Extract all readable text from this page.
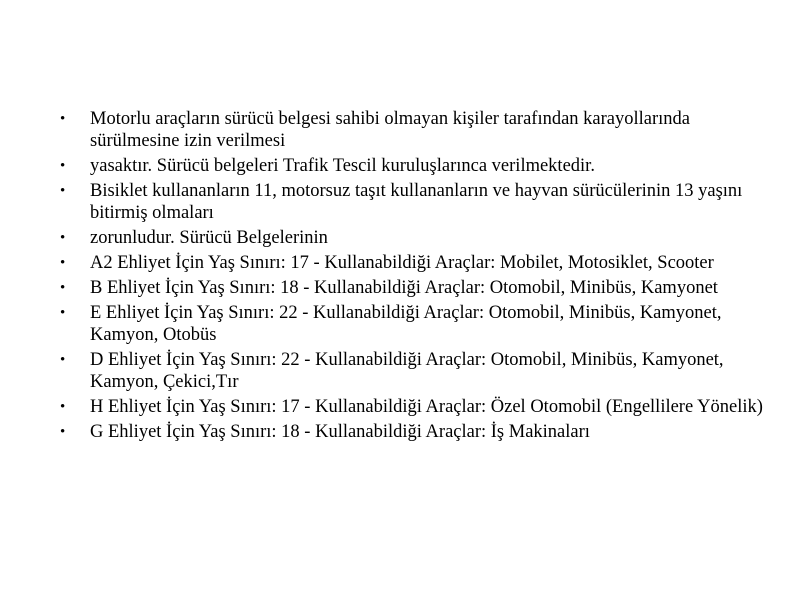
• Motorlu araçların sürücü belgesi sahibi olmayan kişiler tarafından karayollarında sürülmesine izin verilmesi
• yasaktır. Sürücü belgeleri Trafik Tescil kuruluşlarınca verilmektedir.
• Bisiklet kullananların 11, motorsuz taşıt kullananların ve hayvan sürücülerinin 13 yaşını bitirmiş olmaları
• zorunludur. Sürücü Belgelerinin
• A2 Ehliyet İçin Yaş Sınırı: 17 - Kullanabildiği Araçlar: Mobilet, Motosiklet, Scooter
• B Ehliyet İçin Yaş Sınırı: 18 - Kullanabildiği Araçlar: Otomobil, Minibüs, Kamyonet
• E Ehliyet İçin Yaş Sınırı: 22 - Kullanabildiği Araçlar: Otomobil, Minibüs, Kamyonet, Kamyon, Otobüs
• D Ehliyet İçin Yaş Sınırı: 22 - Kullanabildiği Araçlar: Otomobil, Minibüs, Kamyonet, Kamyon, Çekici,Tır
• H Ehliyet İçin Yaş Sınırı: 17 - Kullanabildiği Araçlar: Özel Otomobil (Engellilere Yönelik)
• G Ehliyet İçin Yaş Sınırı: 18 - Kullanabildiği Araçlar: İş Makinaları
